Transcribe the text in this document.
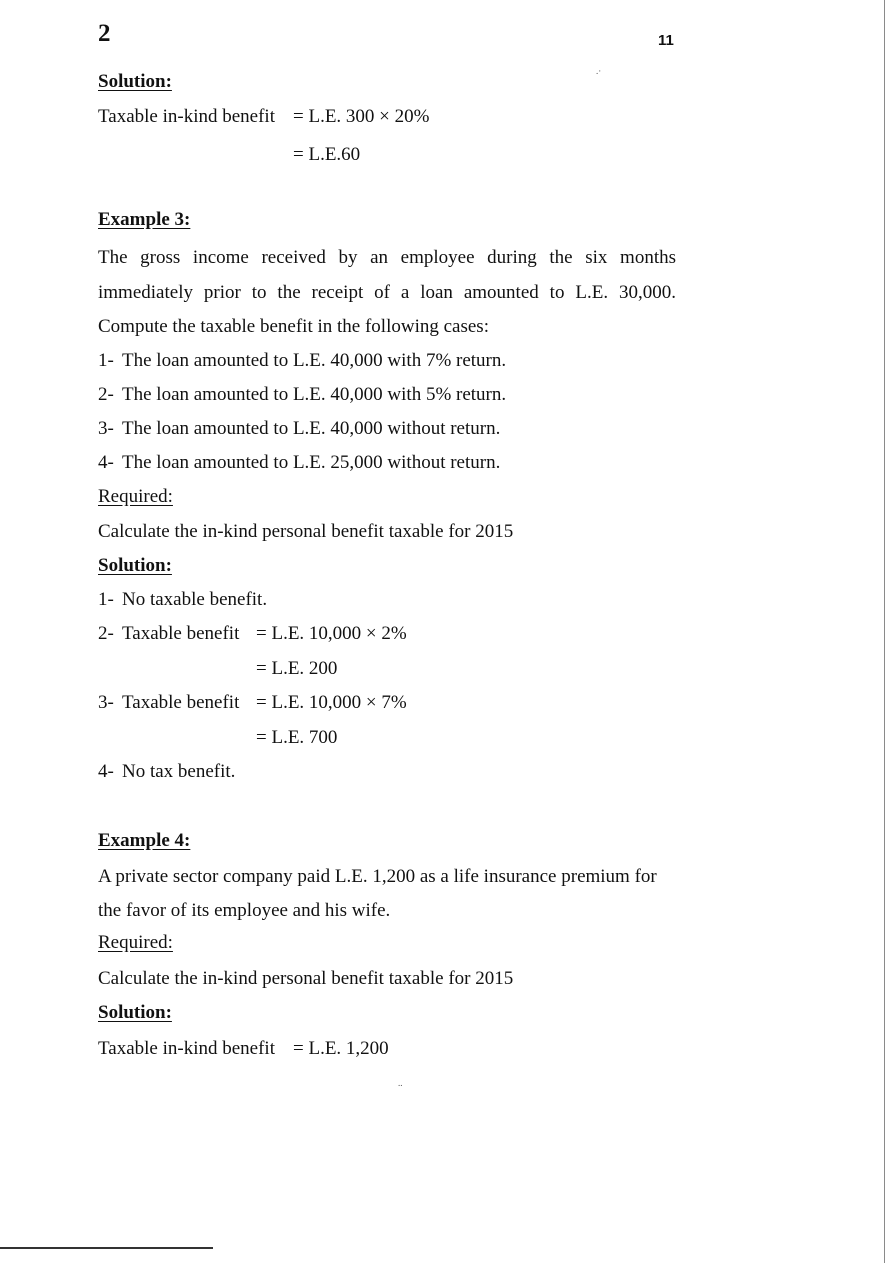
.·
..
2	11
Solution:
Taxable in-kind benefit = L.E. 300 × 20%
= L.E.60
Example 3:
The gross income received by an employee during the six months
immediately prior to the receipt of a loan amounted to L.E. 30,000.
Compute the taxable benefit in the following cases:
1- The loan amounted to L.E. 40,000 with 7% return.
2- The loan amounted to L.E. 40,000 with 5% return.
3- The loan amounted to L.E. 40,000 without return.
4- The loan amounted to L.E. 25,000 without return.
Required:
Calculate the in-kind personal benefit taxable for 2015
Solution:
1- No taxable benefit.
2- Taxable benefit = L.E. 10,000 × 2%
= L.E. 200
3- Taxable benefit = L.E. 10,000 × 7%
= L.E. 700
4- No tax benefit.
Example 4:
A private sector company paid L.E. 1,200 as a life insurance premium for
the favor of its employee and his wife.
Required:
Calculate the in-kind personal benefit taxable for 2015
Solution:
Taxable in-kind benefit = L.E. 1,200
